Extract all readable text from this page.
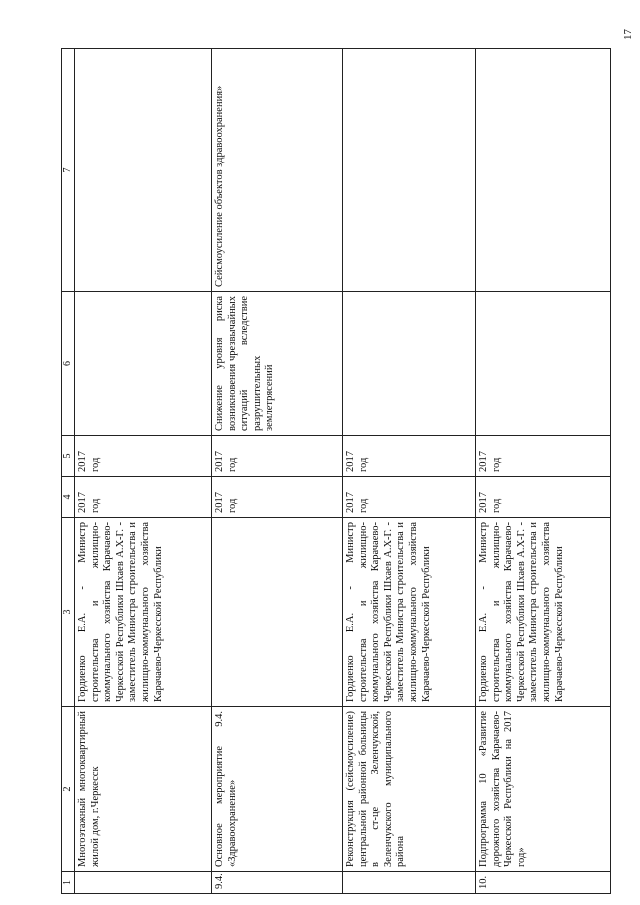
17
1	2	3	4	5	6	7
	Многоэтажный многоквартирный жилой дом, г.Черкесск	Гордиенко Е.А. - Министр строительства и жилищно-коммунального хозяйства Карачаево-Черкесской Республики Шхаев А.Х-Г. - заместитель Министра строительства и жилищно-коммунального хозяйства Карачаево-Черкесской Республики	2017 год	2017 год		
9.4.	Основное мероприятие 9.4. «Здравоохранение»		2017 год	2017 год	Снижение уровня риска возникновения чрезвычайных ситуаций вследствие разрушительных землетрясений	Сейсмоусиление объектов здравоохранения»
	Реконструкция (сейсмоусиление) центральной районной больницы в ст-це Зеленчукской, Зеленчукского муниципального района	Гордиенко Е.А. - Министр строительства и жилищно-коммунального хозяйства Карачаево-Черкесской Республики Шхаев А.Х-Г. - заместитель Министра строительства и жилищно-коммунального хозяйства Карачаево-Черкесской Республики	2017 год	2017 год		
10.	Подпрограмма 10 «Развитие дорожного хозяйства Карачаево-Черкесской Республики на 2017 год»	Гордиенко Е.А. - Министр строительства и жилищно-коммунального хозяйства Карачаево-Черкесской Республики Шхаев А.Х-Г. - заместитель Министра строительства и жилищно-коммунального хозяйства Карачаево-Черкесской Республики	2017 год	2017 год		
